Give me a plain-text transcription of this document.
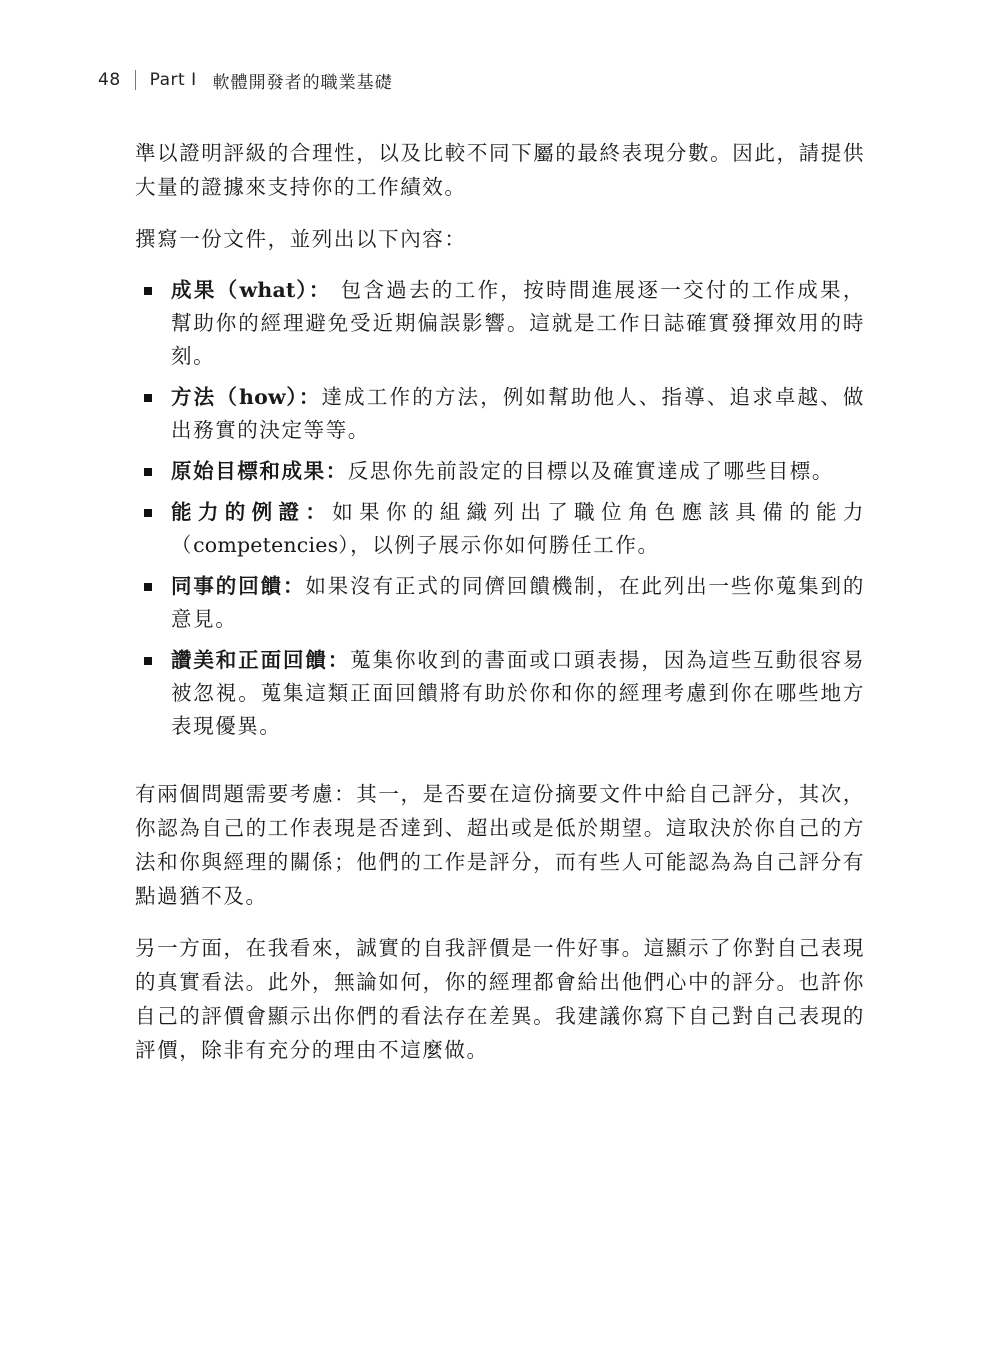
48 Part I 軟體開發者的職業基礎

準以證明評級的合理性，以及比較不同下屬的最終表現分數。因此，請提供大量的證據來支持你的工作績效。

撰寫一份文件，並列出以下內容：

成果（what）： 包含過去的工作，按時間進展逐一交付的工作成果，幫助你的經理避免受近期偏誤影響。這就是工作日誌確實發揮效用的時刻。
方法（how）：達成工作的方法，例如幫助他人、指導、追求卓越、做出務實的決定等等。
原始目標和成果：反思你先前設定的目標以及確實達成了哪些目標。
能力的例證：如果你的組織列出了職位角色應該具備的能力（competencies），以例子展示你如何勝任工作。
同事的回饋：如果沒有正式的同儕回饋機制，在此列出一些你蒐集到的意見。
讚美和正面回饋：蒐集你收到的書面或口頭表揚，因為這些互動很容易被忽視。蒐集這類正面回饋將有助於你和你的經理考慮到你在哪些地方表現優異。

有兩個問題需要考慮：其一，是否要在這份摘要文件中給自己評分，其次，你認為自己的工作表現是否達到、超出或是低於期望。這取決於你自己的方法和你與經理的關係；他們的工作是評分，而有些人可能認為為自己評分有點過猶不及。

另一方面，在我看來，誠實的自我評價是一件好事。這顯示了你對自己表現的真實看法。此外，無論如何，你的經理都會給出他們心中的評分。也許你自己的評價會顯示出你們的看法存在差異。我建議你寫下自己對自己表現的評價，除非有充分的理由不這麼做。
